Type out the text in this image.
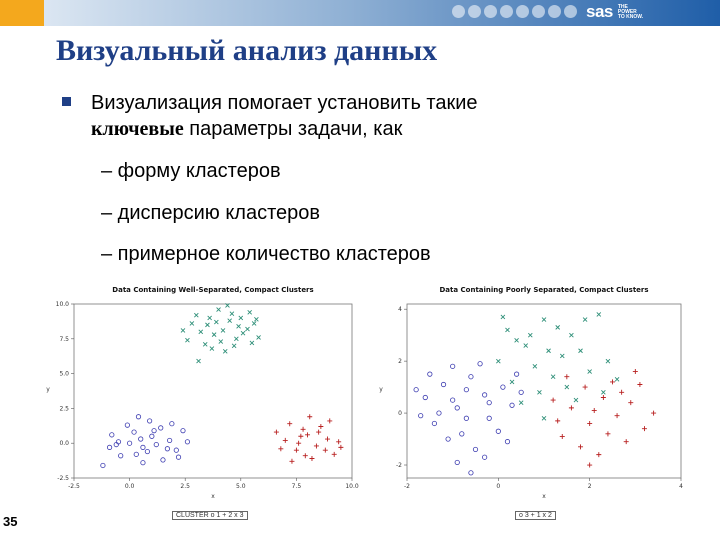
sas THE
POWER
TO KNOW.
Визуальный анализ данных
Визуализация помогает установить такие
ключевые параметры задачи, как
– форму кластеров
– дисперсию кластеров
– примерное количество кластеров
Data Containing Well-Separated, Compact Clusters
-2.5	0.0	2.5	5.0	7.5	10.0
-2.5
0.0
2.5
5.0
7.5
10.0
x
y
CLUSTER o 1 + 2 x 3
Data Containing Poorly Separated, Compact Clusters
-2	0	2	4
-2
0
2
4
x
y
o 3 + 1 x 2
35
